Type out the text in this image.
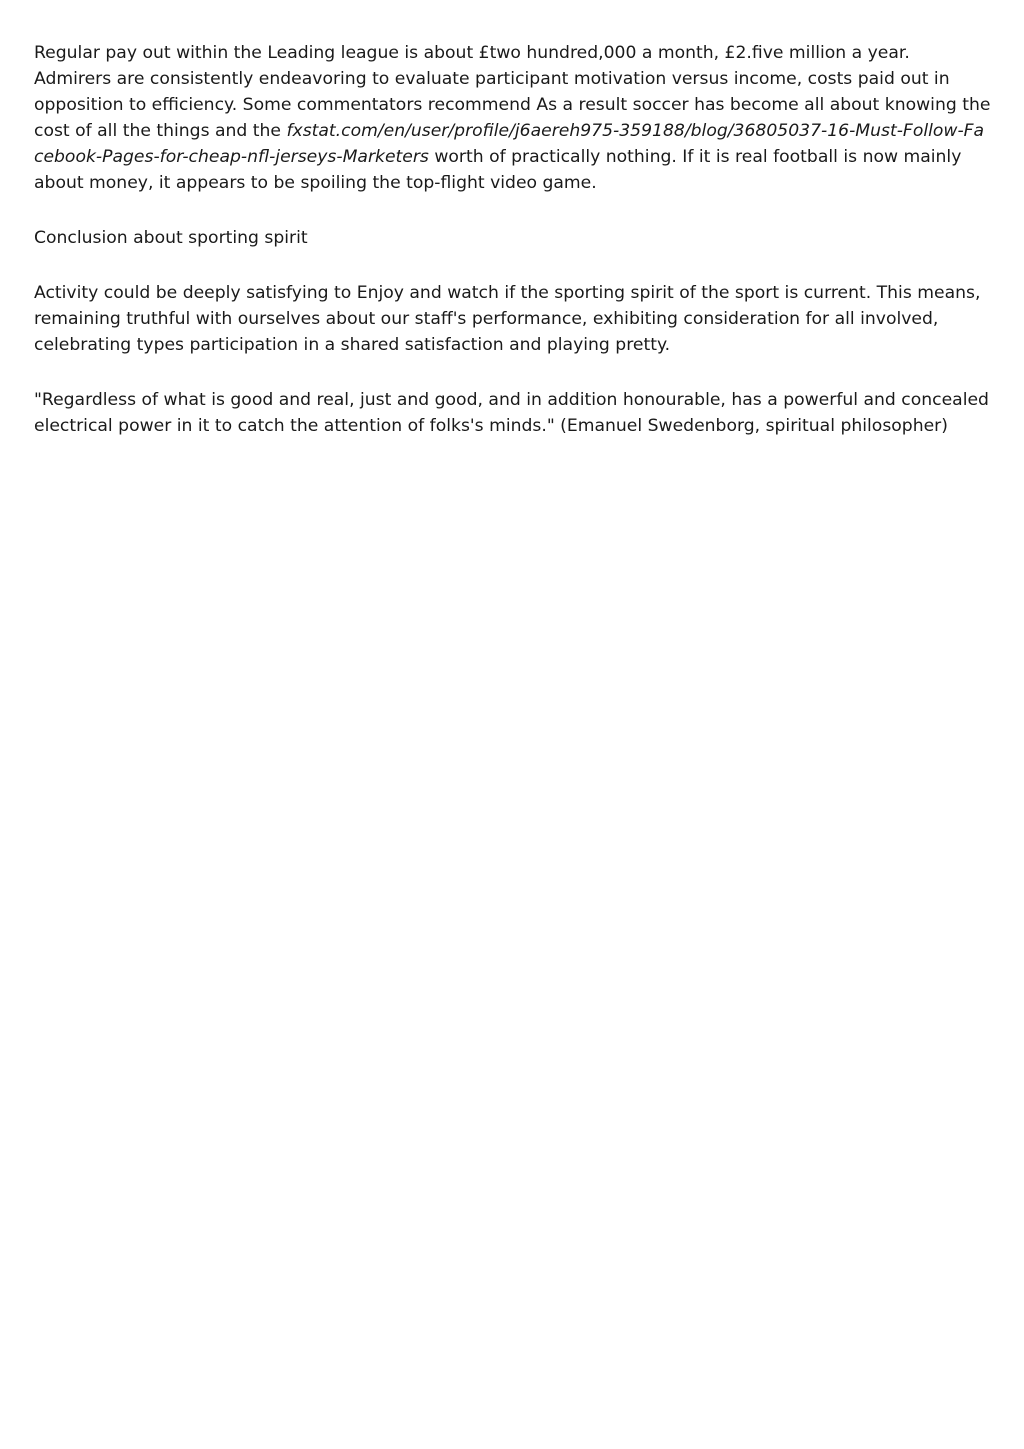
Regular pay out within the Leading league is about £two hundred,000 a month, £2.five million a year. Admirers are consistently endeavoring to evaluate participant motivation versus income, costs paid out in opposition to efficiency. Some commentators recommend As a result soccer has become all about knowing the cost of all the things and the fxstat.com/en/user/profile/j6aereh975-359188/blog/36805037-16-Must-Follow-Facebook-Pages-for-cheap-nfl-jerseys-Marketers worth of practically nothing. If it is real football is now mainly about money, it appears to be spoiling the top-flight video game.

Conclusion about sporting spirit

Activity could be deeply satisfying to Enjoy and watch if the sporting spirit of the sport is current. This means, remaining truthful with ourselves about our staff's performance, exhibiting consideration for all involved, celebrating types participation in a shared satisfaction and playing pretty.

"Regardless of what is good and real, just and good, and in addition honourable, has a powerful and concealed electrical power in it to catch the attention of folks's minds." (Emanuel Swedenborg, spiritual philosopher)
